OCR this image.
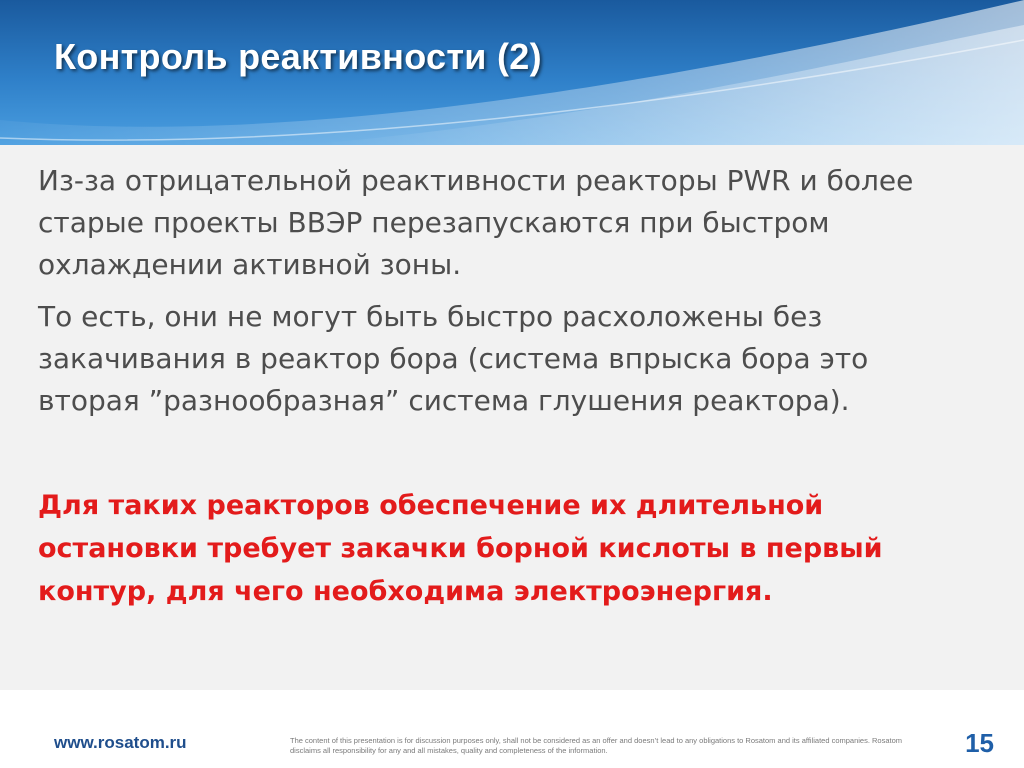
Контроль реактивности (2)

Из-за отрицательной реактивности реакторы PWR и более старые проекты ВВЭР перезапускаются при быстром охлаждении активной зоны.

То есть, они не могут быть быстро расхоложены без закачивания в реактор бора (система впрыска бора это вторая ”разнообразная” система глушения реактора).

Для таких реакторов обеспечение их длительной остановки требует закачки борной кислоты в первый контур, для чего необходима электроэнергия.

www.rosatom.ru	The content of this presentation is for discussion purposes only, shall not be considered as an offer and doesn’t lead to any obligations to Rosatom and its affiliated companies. Rosatom disclaims all responsibility for any and all mistakes, quality and completeness of the information.	15
